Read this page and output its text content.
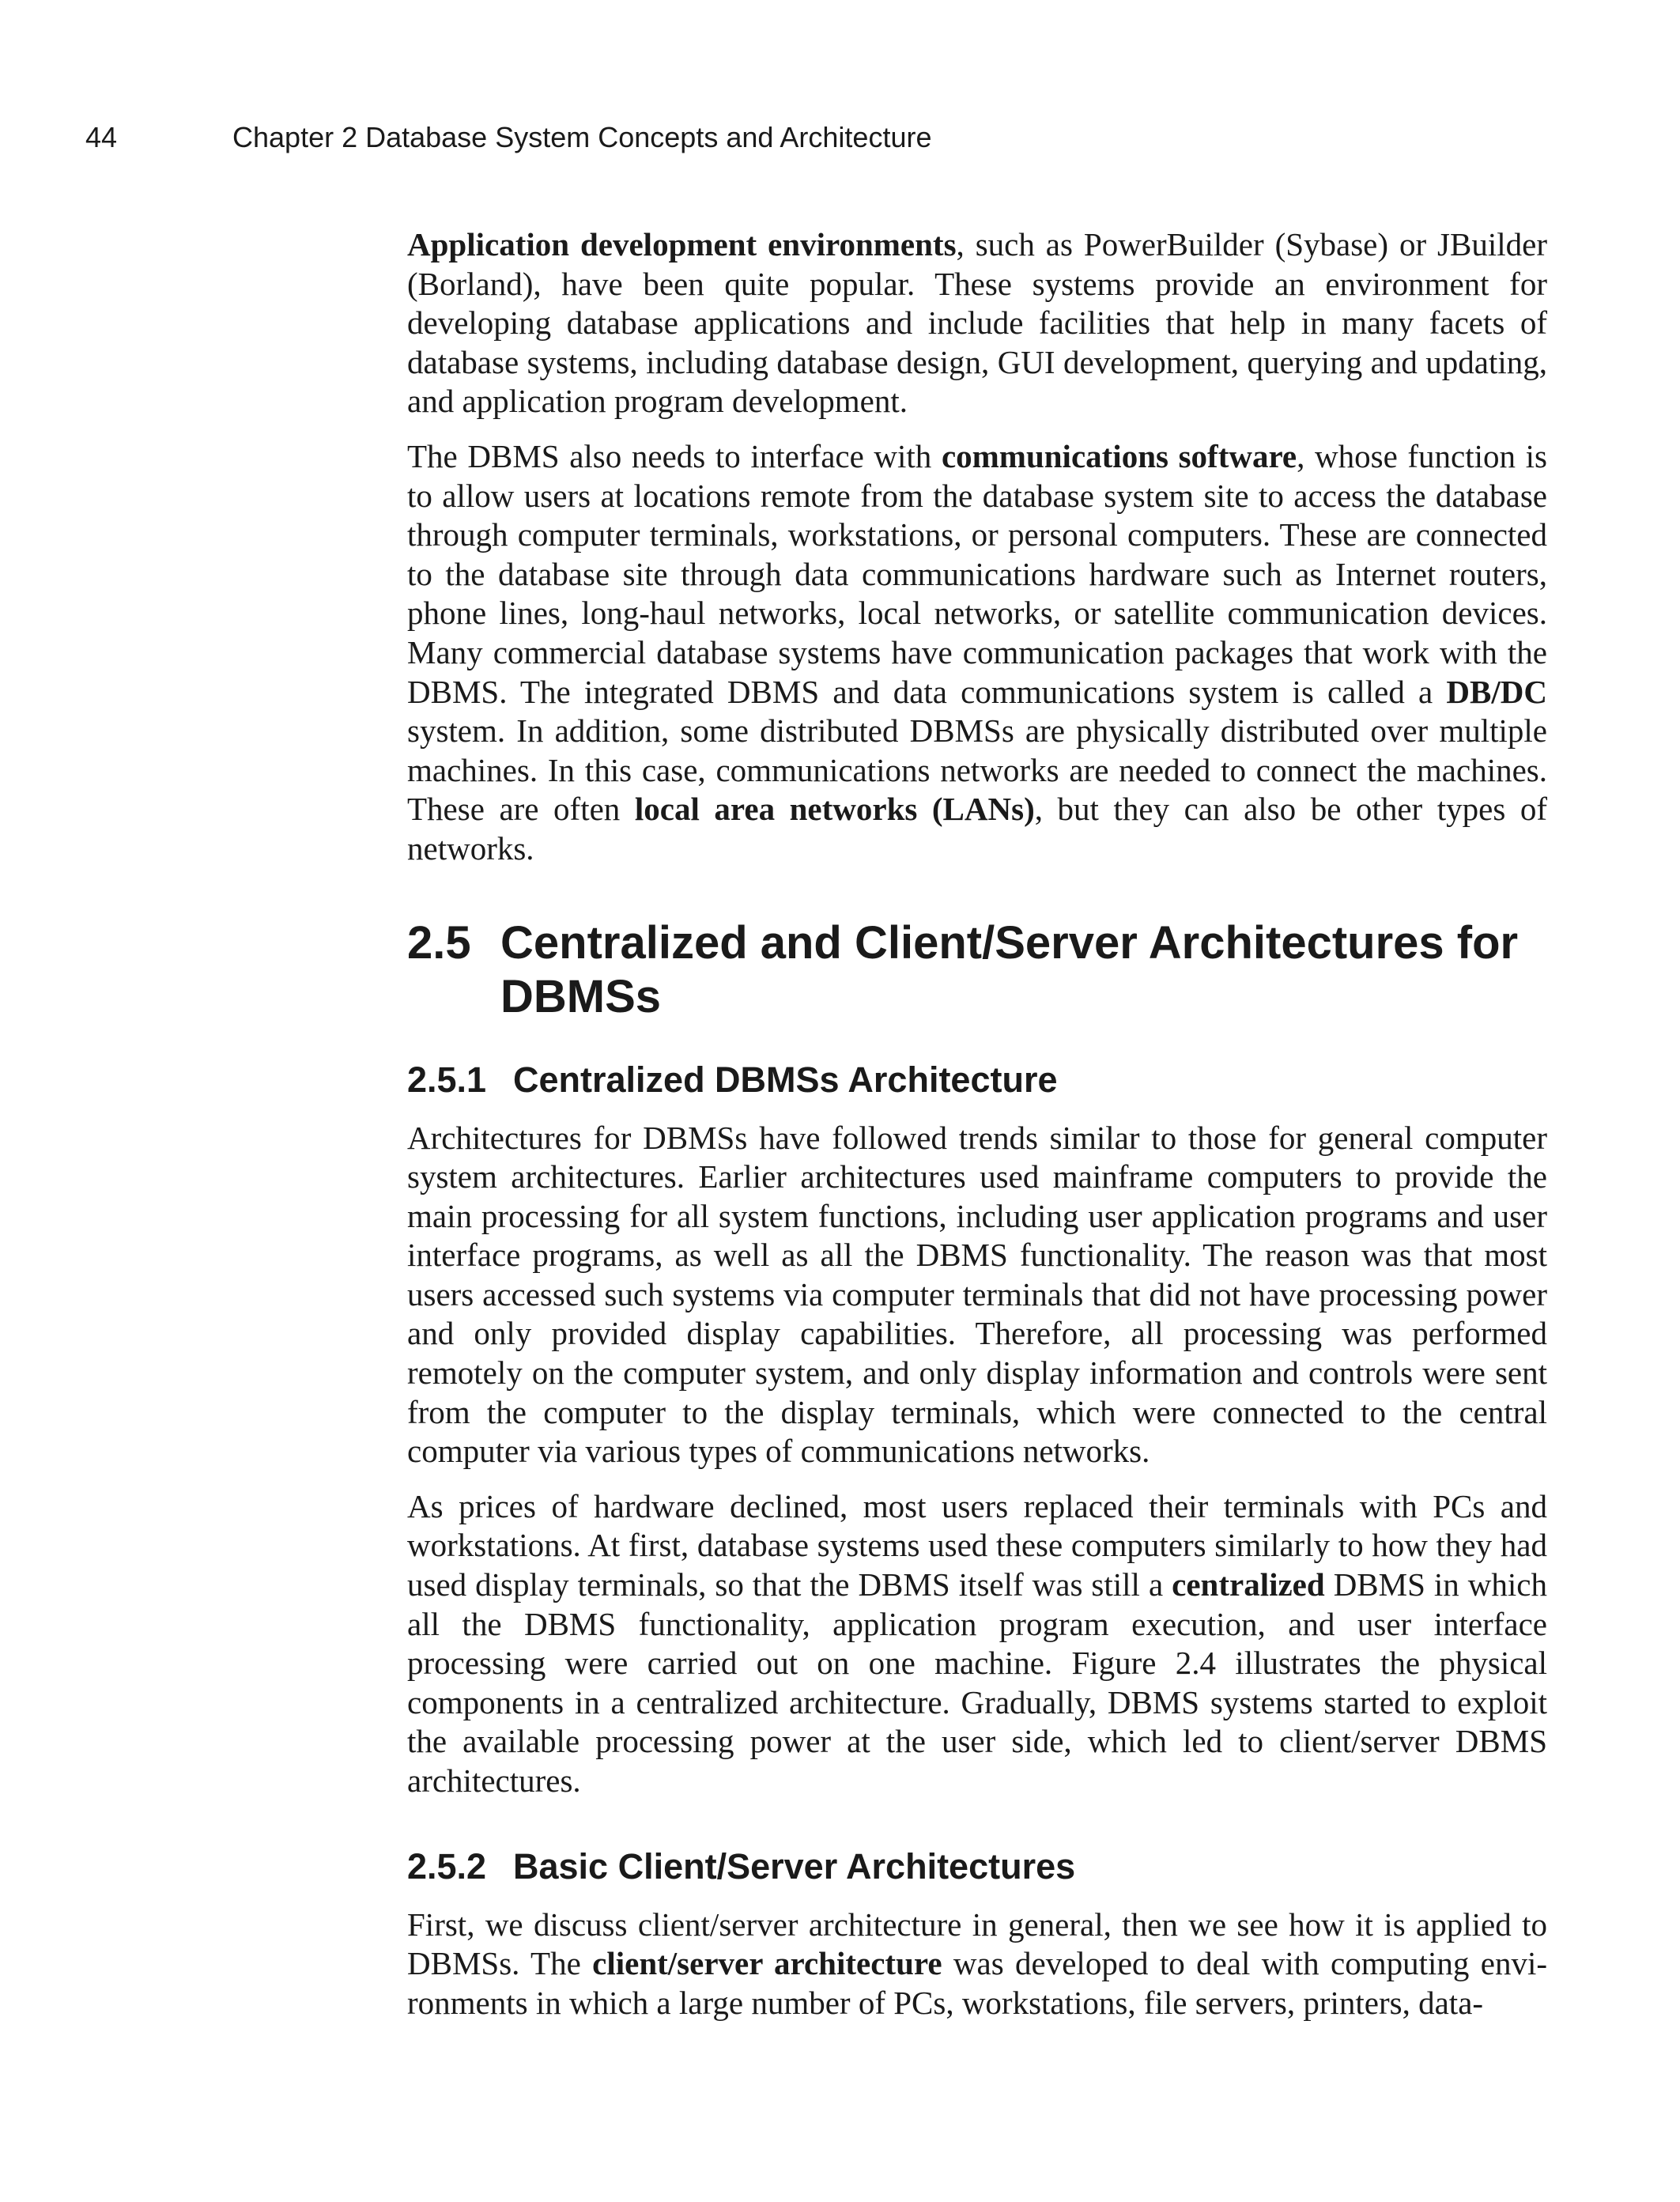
44	Chapter 2 Database System Concepts and Architecture

Application development environments, such as PowerBuilder (Sybase) or JBuilder (Borland), have been quite popular. These systems provide an environment for developing database applications and include facilities that help in many facets of database systems, including database design, GUI development, querying and updating, and application program development.

The DBMS also needs to interface with communications software, whose function is to allow users at locations remote from the database system site to access the database through computer terminals, workstations, or personal computers. These are connected to the database site through data communications hardware such as Internet routers, phone lines, long-haul networks, local networks, or satellite communication devices. Many commercial database systems have communication packages that work with the DBMS. The integrated DBMS and data communications system is called a DB/DC system. In addition, some distributed DBMSs are physically distributed over multiple machines. In this case, communications networks are needed to connect the machines. These are often local area networks (LANs), but they can also be other types of networks.

2.5 Centralized and Client/Server Architectures for DBMSs
2.5.1 Centralized DBMSs Architecture

Architectures for DBMSs have followed trends similar to those for general computer system architectures. Earlier architectures used mainframe computers to provide the main processing for all system functions, including user application programs and user interface programs, as well as all the DBMS functionality. The reason was that most users accessed such systems via computer terminals that did not have processing power and only provided display capabilities. Therefore, all processing was performed remotely on the computer system, and only display information and controls were sent from the computer to the display terminals, which were connected to the central computer via various types of communications networks.

As prices of hardware declined, most users replaced their terminals with PCs and workstations. At first, database systems used these computers similarly to how they had used display terminals, so that the DBMS itself was still a centralized DBMS in which all the DBMS functionality, application program execution, and user interface processing were carried out on one machine. Figure 2.4 illustrates the physical components in a centralized architecture. Gradually, DBMS systems started to exploit the available processing power at the user side, which led to client/server DBMS architectures.

2.5.2 Basic Client/Server Architectures

First, we discuss client/server architecture in general, then we see how it is applied to DBMSs. The client/server architecture was developed to deal with computing environments in which a large number of PCs, workstations, file servers, printers, data-
